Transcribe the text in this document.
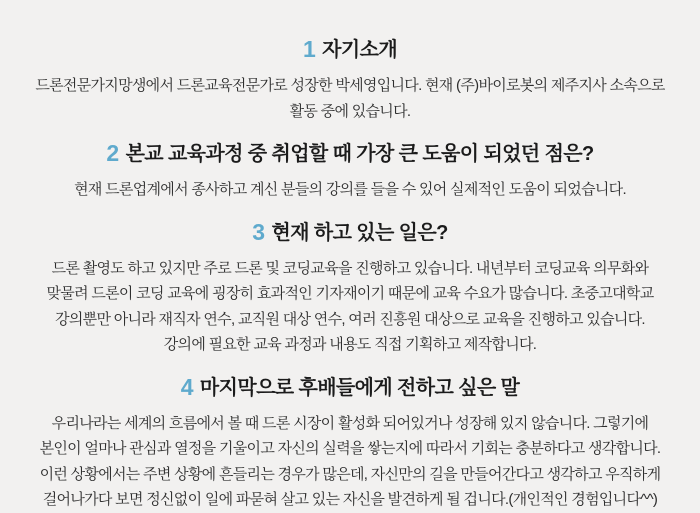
1 자기소개
드론전문가지망생에서 드론교육전문가로 성장한 박세영입니다. 현재 (주)바이로봇의 제주지사 소속으로
활동 중에 있습니다.
2 본교 교육과정 중 취업할 때 가장 큰 도움이 되었던 점은?
현재 드론업계에서 종사하고 계신 분들의 강의를 들을 수 있어 실제적인 도움이 되었습니다.
3 현재 하고 있는 일은?
드론 촬영도 하고 있지만 주로 드론 및 코딩교육을 진행하고 있습니다. 내년부터 코딩교육 의무화와
맞물려 드론이 코딩 교육에 굉장히 효과적인 기자재이기 때문에 교육 수요가 많습니다. 초중고대학교
강의뿐만 아니라 재직자 연수, 교직원 대상 연수, 여러 진흥원 대상으로 교육을 진행하고 있습니다.
강의에 필요한 교육 과정과 내용도 직접 기획하고 제작합니다.
4 마지막으로 후배들에게 전하고 싶은 말
우리나라는 세계의 흐름에서 볼 때 드론 시장이 활성화 되어있거나 성장해 있지 않습니다. 그렇기에
본인이 얼마나 관심과 열정을 기울이고 자신의 실력을 쌓는지에 따라서 기회는 충분하다고 생각합니다.
이런 상황에서는 주변 상황에 흔들리는 경우가 많은데, 자신만의 길을 만들어간다고 생각하고 우직하게
걸어나가다 보면 정신없이 일에 파묻혀 살고 있는 자신을 발견하게 될 겁니다.(개인적인 경험입니다^^)
